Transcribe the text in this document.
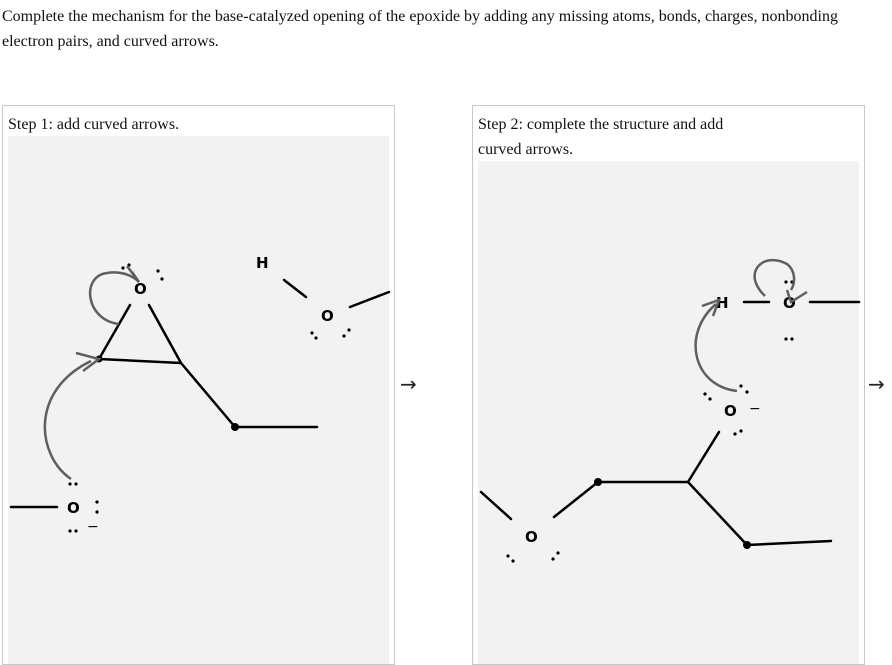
Complete the mechanism for the base-catalyzed opening of the epoxide by adding any missing atoms, bonds, charges, nonbonding electron pairs, and curved arrows.
Step 1: add curved arrows.
O
H
O
O
−
→
Step 2: complete the structure and add curved arrows.
H	O
O −
O
→
